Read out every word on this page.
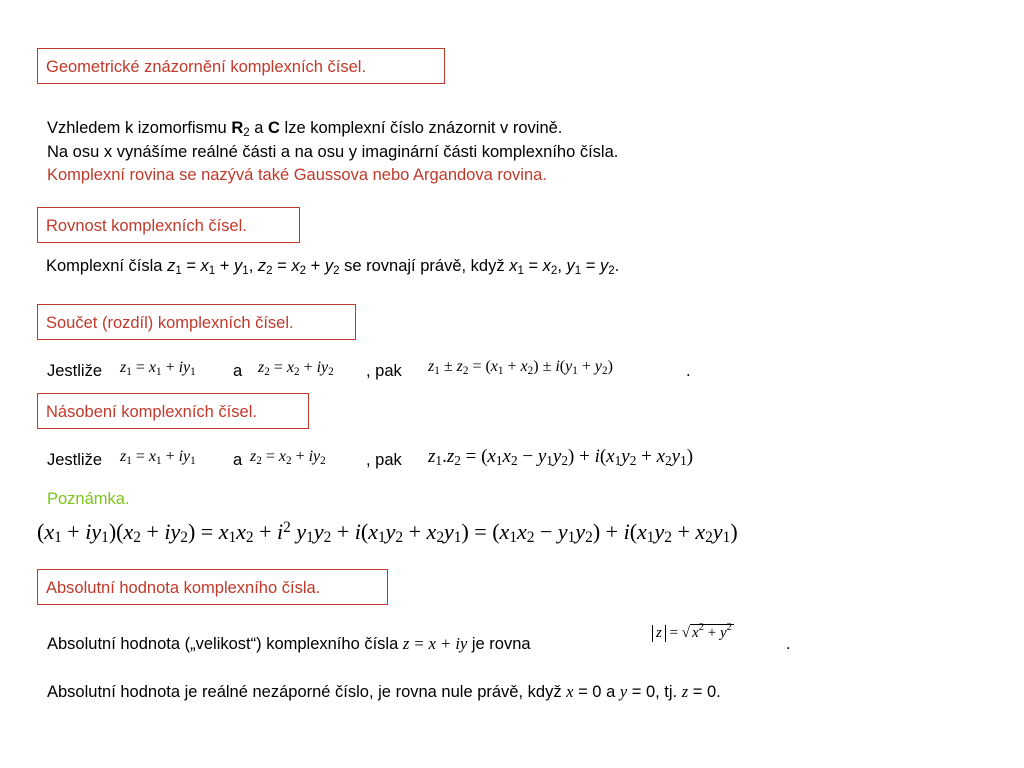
Geometrické znázornění komplexních čísel.
Vzhledem k izomorfismu $R_2$ a C lze komplexní číslo znázornit v rovině.
Na osu x vynášíme reálné části a na osu y imaginární části komplexního čísla.
Komplexní rovina se nazývá také Gaussova nebo Argandova rovina.
Rovnost komplexních čísel.
Komplexní čísla $z_1 = x_1 + y_1$, $z_2 = x_2 + y_2$ se rovnají právě, když $x_1 = x_2$, $y_1 = y_2$.
Součet (rozdíl) komplexních čísel.
Jestliže $z_1 = x_1 + iy_1$ a $z_2 = x_2 + iy_2$ , pak $z_1 \pm z_2 = (x_1 + x_2) \pm i(y_1 + y_2)$	.
Násobení komplexních čísel.
Jestliže $z_1 = x_1 + iy_1$ a $z_2 = x_2 + iy_2$ , pak $z_1.z_2 = (x_1x_2 - y_1y_2) + i(x_1y_2 + x_2y_1)$
Poznámka.
$(x_1 + iy_1)(x_2 + iy_2) = x_1x_2 + i^2$ $y_1y_2 + i(x_1y_2 + x_2y_1) = (x_1x_2 - y_1y_2) + i(x_1y_2 + x_2y_1)$
Absolutní hodnota komplexního čísla.
Absolutní hodnota („velikost“) komplexního čísla z = x + iy je rovna
z = √ $x^2 + y^2$
.
Absolutní hodnota je reálné nezáporné číslo, je rovna nule právě, když x = 0 a y = 0, tj. z = 0.
